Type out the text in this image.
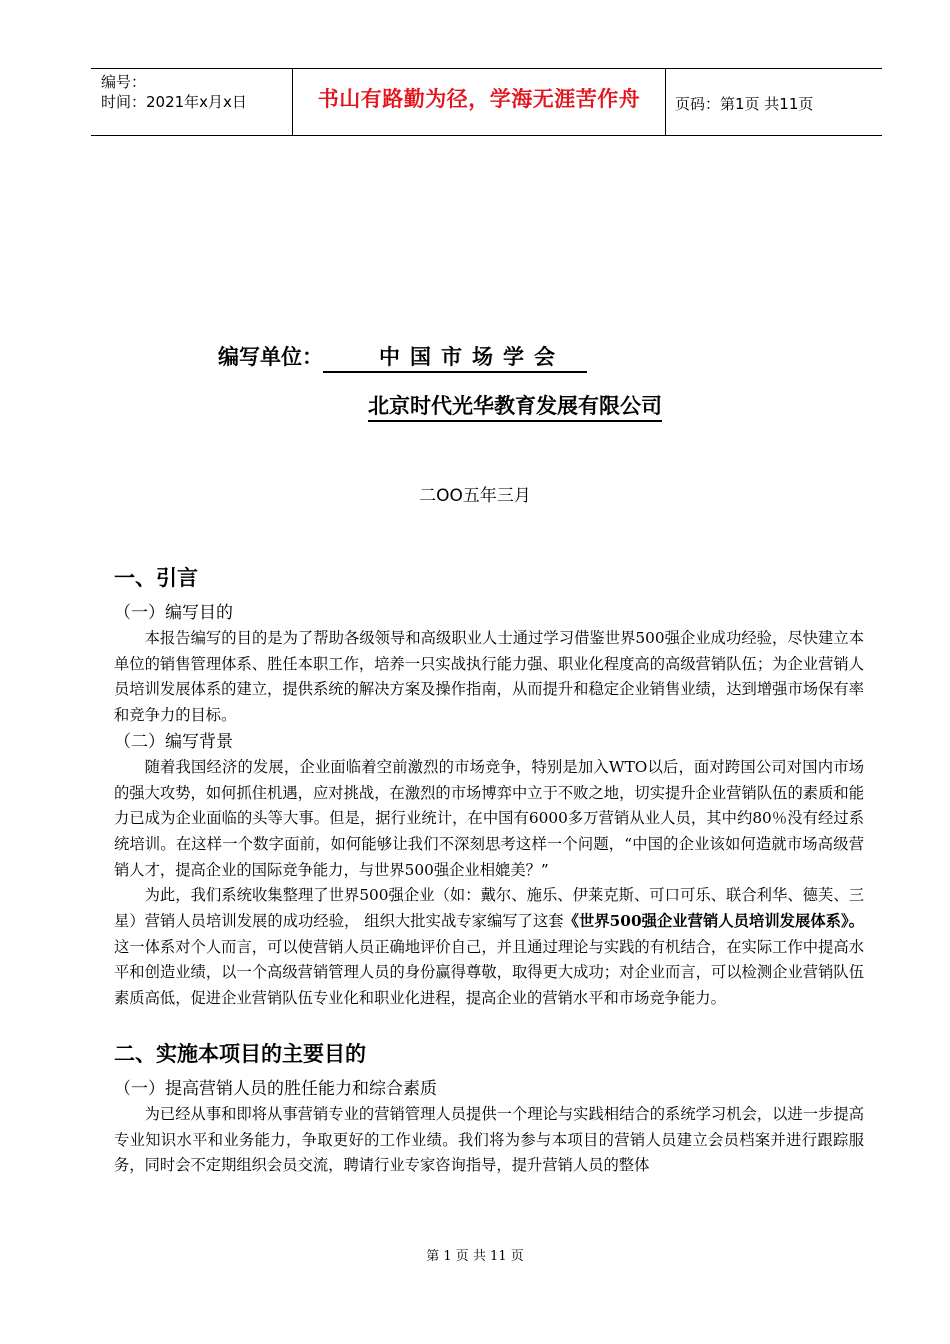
编号：
时间：2021年x月x日	书山有路勤为径，学海无涯苦作舟	页码：第1页 共11页
编写单位：	中国市场学会
北京时代光华教育发展有限公司
二OO五年三月
一、引言
（一）编写目的

本报告编写的目的是为了帮助各级领导和高级职业人士通过学习借鉴世界500强企业成功经验，尽快建立本单位的销售管理体系、胜任本职工作，培养一只实战执行能力强、职业化程度高的高级营销队伍；为企业营销人员培训发展体系的建立，提供系统的解决方案及操作指南，从而提升和稳定企业销售业绩，达到增强市场保有率和竞争力的目标。

（二）编写背景

随着我国经济的发展，企业面临着空前激烈的市场竞争，特别是加入WTO以后，面对跨国公司对国内市场的强大攻势，如何抓住机遇，应对挑战，在激烈的市场博弈中立于不败之地，切实提升企业营销队伍的素质和能力已成为企业面临的头等大事。但是，据行业统计，在中国有6000多万营销从业人员，其中约80％没有经过系统培训。在这样一个数字面前，如何能够让我们不深刻思考这样一个问题，“中国的企业该如何造就市场高级营销人才，提高企业的国际竞争能力，与世界500强企业相媲美？”

为此，我们系统收集整理了世界500强企业（如：戴尔、施乐、伊莱克斯、可口可乐、联合利华、德芙、三星）营销人员培训发展的成功经验， 组织大批实战专家编写了这套《世界500强企业营销人员培训发展体系》。这一体系对个人而言，可以使营销人员正确地评价自己，并且通过理论与实践的有机结合，在实际工作中提高水平和创造业绩，以一个高级营销管理人员的身份赢得尊敬，取得更大成功；对企业而言，可以检测企业营销队伍素质高低，促进企业营销队伍专业化和职业化进程，提高企业的营销水平和市场竞争能力。

二、实施本项目的主要目的
（一）提高营销人员的胜任能力和综合素质

为已经从事和即将从事营销专业的营销管理人员提供一个理论与实践相结合的系统学习机会，以进一步提高专业知识水平和业务能力，争取更好的工作业绩。我们将为参与本项目的营销人员建立会员档案并进行跟踪服务，同时会不定期组织会员交流，聘请行业专家咨询指导，提升营销人员的整体

第 1 页 共 11 页
